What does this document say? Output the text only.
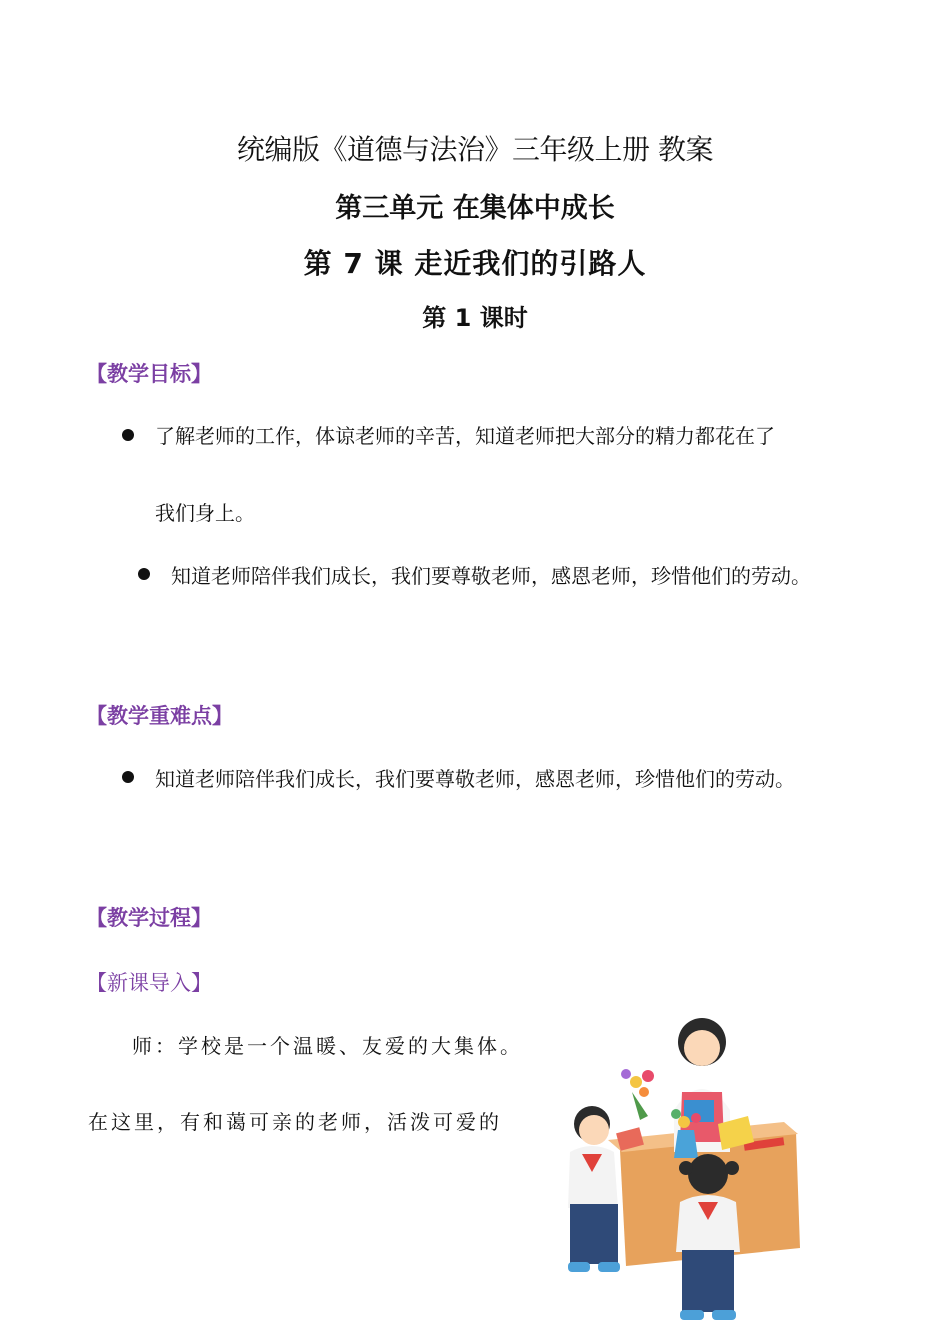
统编版《道德与法治》三年级上册 教案
第三单元 在集体中成长
第 7 课 走近我们的引路人
第 1 课时
【教学目标】
了解老师的工作，体谅老师的辛苦，知道老师把大部分的精力都花在了
我们身上。
知道老师陪伴我们成长，我们要尊敬老师，感恩老师，珍惜他们的劳动。
【教学重难点】
知道老师陪伴我们成长，我们要尊敬老师，感恩老师，珍惜他们的劳动。
【教学过程】
【新课导入】
师：学校是一个温暖、友爱的大集体。
在这里，有和蔼可亲的老师，活泼可爱的
